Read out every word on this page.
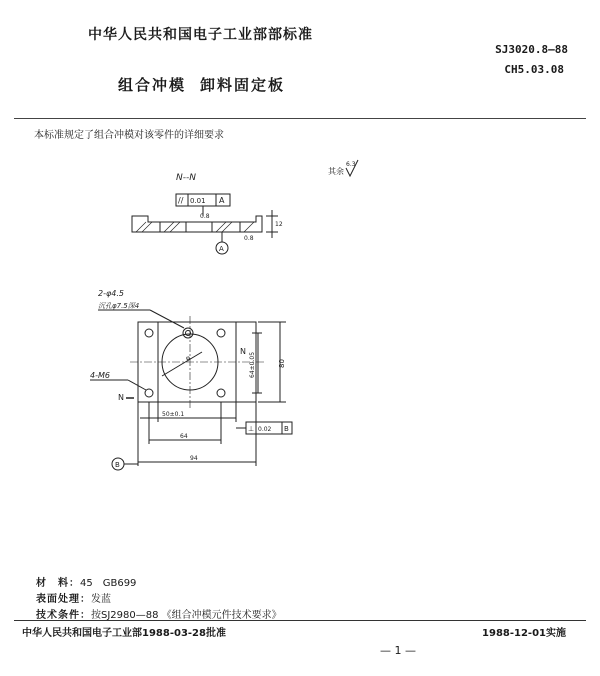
中华人民共和国电子工业部部标准
SJ3020.8—88
CH5.03.08
组合冲模 卸料固定板
本标准规定了组合冲模对该零件的详细要求
N--N
// 0.01 A
0.8
0.8
12
A
其余
6.3
2-φ4.5
沉孔φ7.5深4
φ
4-M6
N
N
80
64±0.05
50±0.1
64
94
⊥ 0.02 B
B
材　料：45　GB699
表面处理：发蓝
技术条件：按SJ2980—88 《组合冲模元件技术要求》
中华人民共和国电子工业部1988-03-28批准	1988-12-01实施
— 1 —
